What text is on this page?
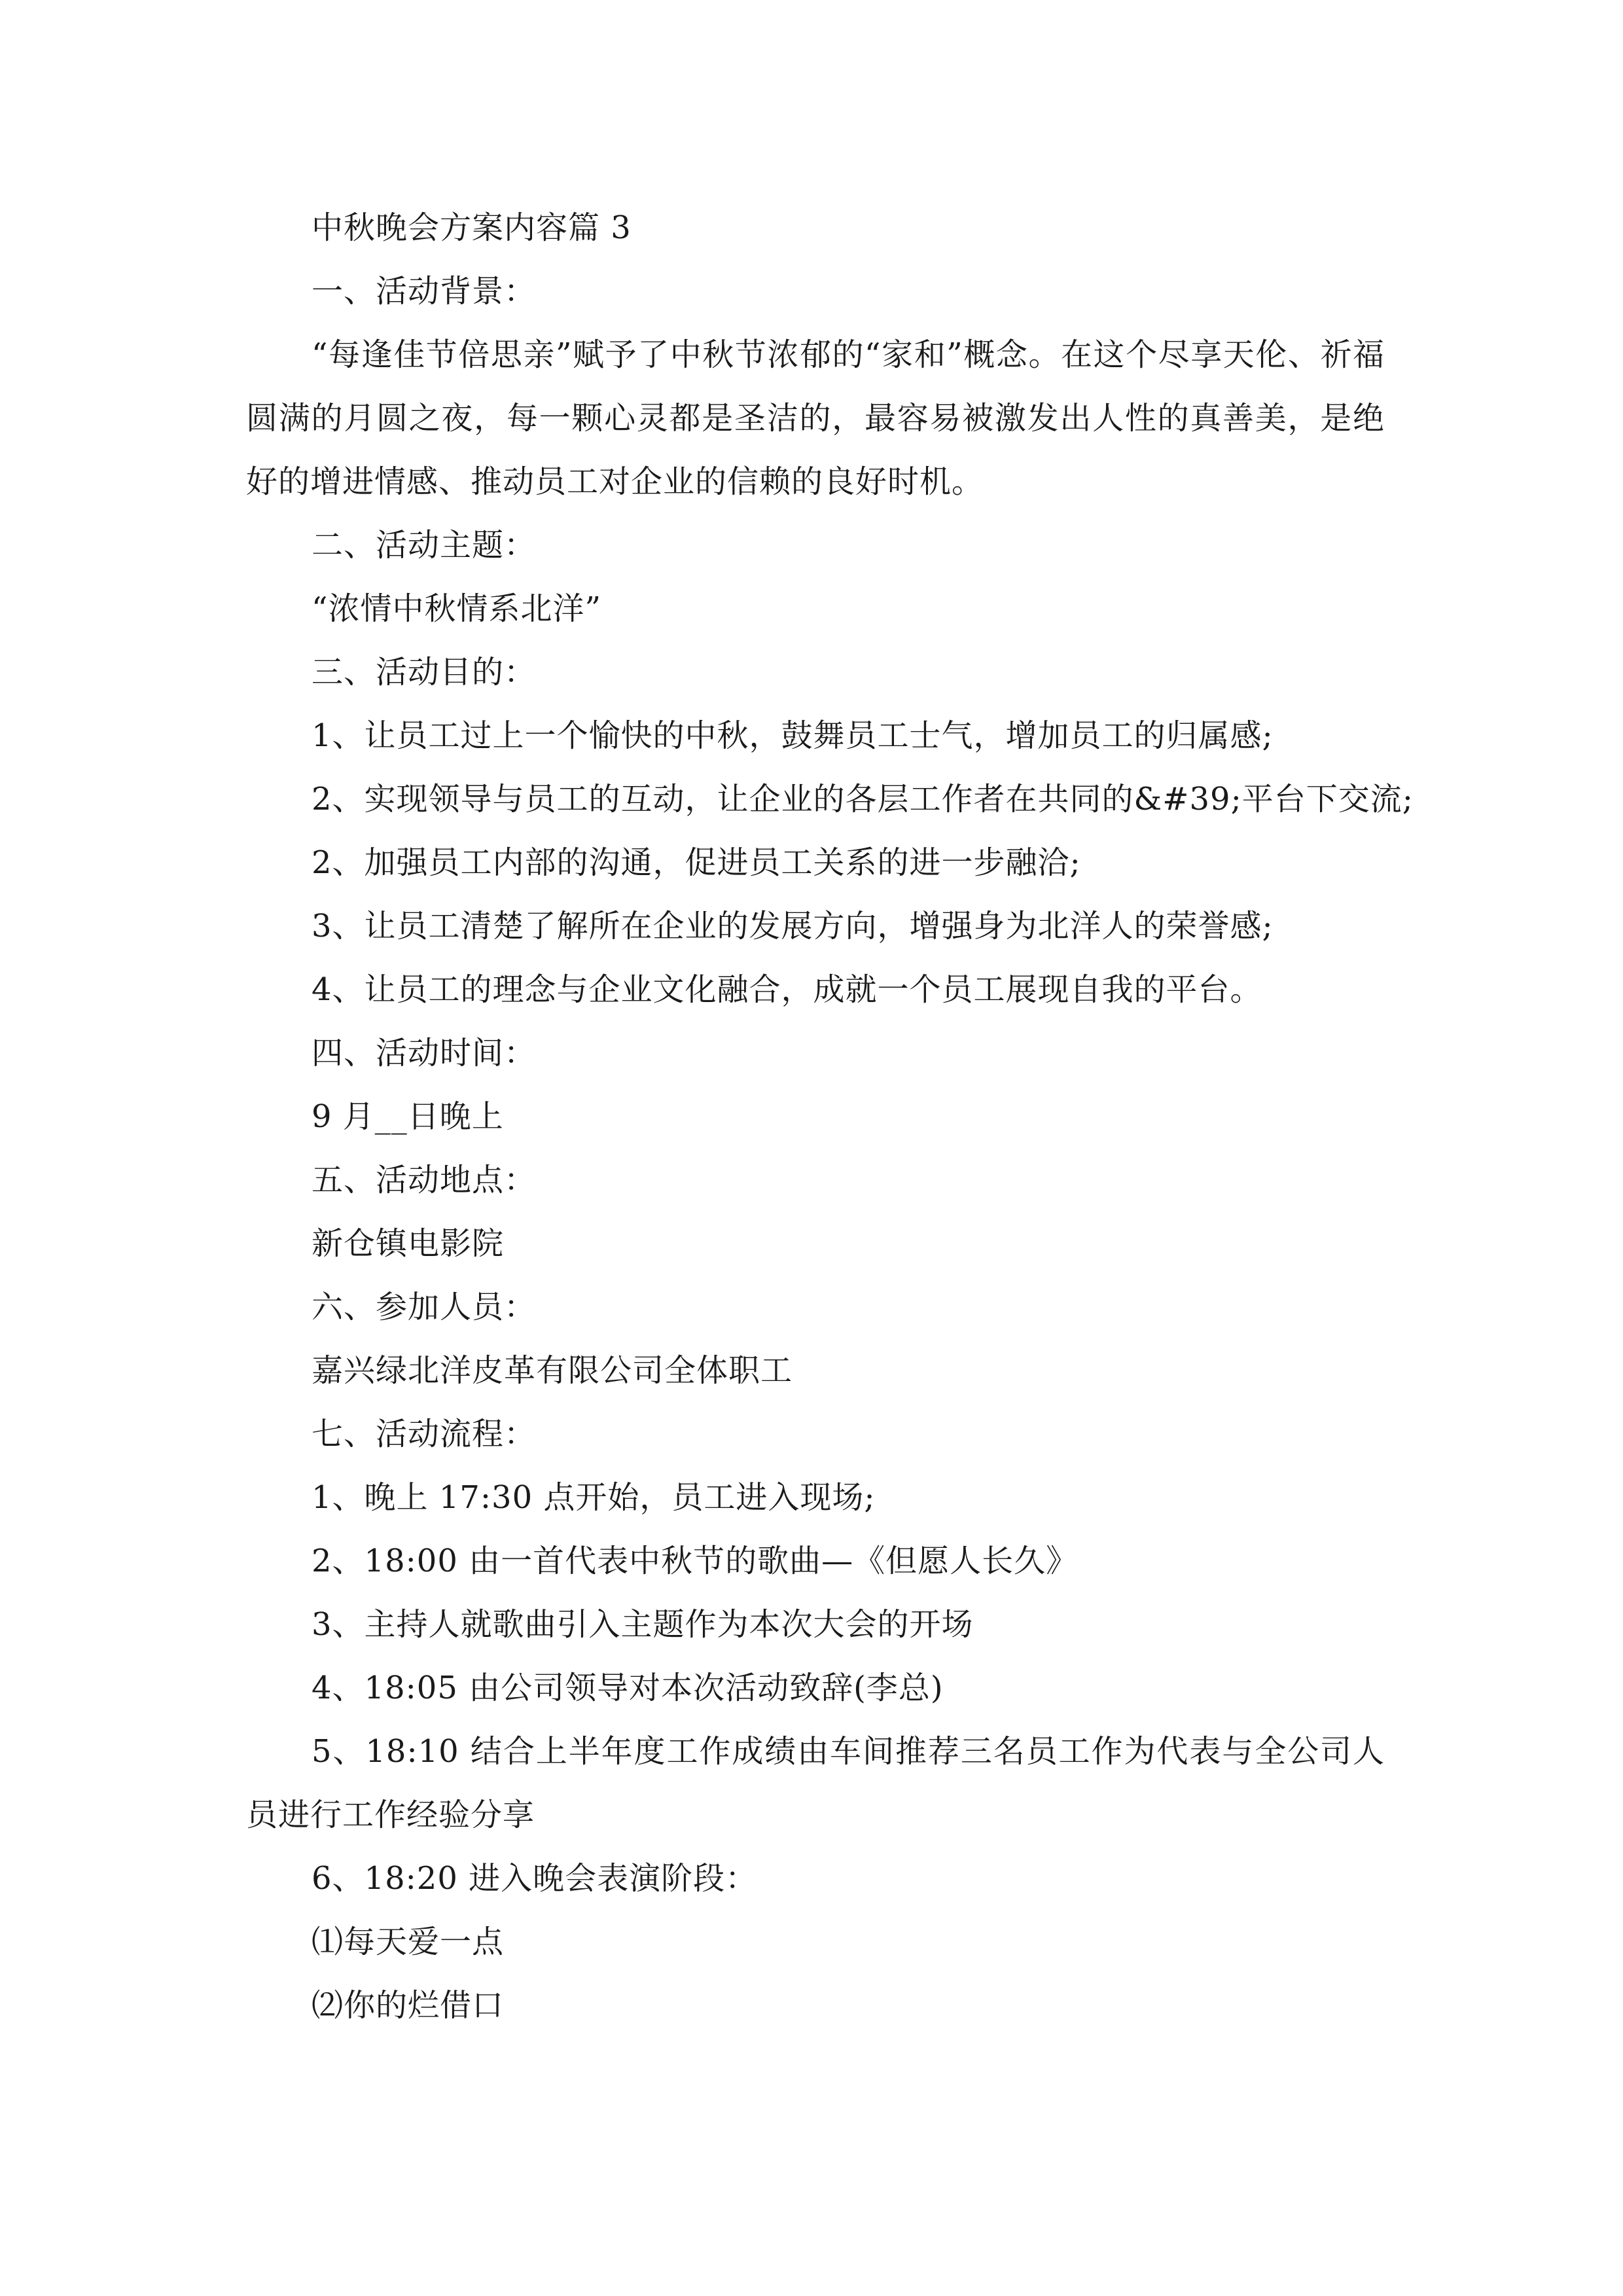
中秋晚会方案内容篇 3

一、活动背景：

“每逢佳节倍思亲”赋予了中秋节浓郁的“家和”概念。在这个尽享天伦、祈福圆满的月圆之夜，每一颗心灵都是圣洁的，最容易被激发出人性的真善美，是绝好的增进情感、推动员工对企业的信赖的良好时机。

二、活动主题：

“浓情中秋情系北洋”

三、活动目的：

1、让员工过上一个愉快的中秋，鼓舞员工士气，增加员工的归属感;

2、实现领导与员工的互动，让企业的各层工作者在共同的&#39;平台下交流;

2、加强员工内部的沟通，促进员工关系的进一步融洽;

3、让员工清楚了解所在企业的发展方向，增强身为北洋人的荣誉感;

4、让员工的理念与企业文化融合，成就一个员工展现自我的平台。

四、活动时间：

9 月__日晚上

五、活动地点：

新仓镇电影院

六、参加人员：

嘉兴绿北洋皮革有限公司全体职工

七、活动流程：

1、晚上 17:30 点开始，员工进入现场;

2、18:00 由一首代表中秋节的歌曲—《但愿人长久》

3、主持人就歌曲引入主题作为本次大会的开场

4、18:05 由公司领导对本次活动致辞(李总)

5、18:10 结合上半年度工作成绩由车间推荐三名员工作为代表与全公司人员进行工作经验分享

6、18:20 进入晚会表演阶段：

⑴每天爱一点

⑵你的烂借口
